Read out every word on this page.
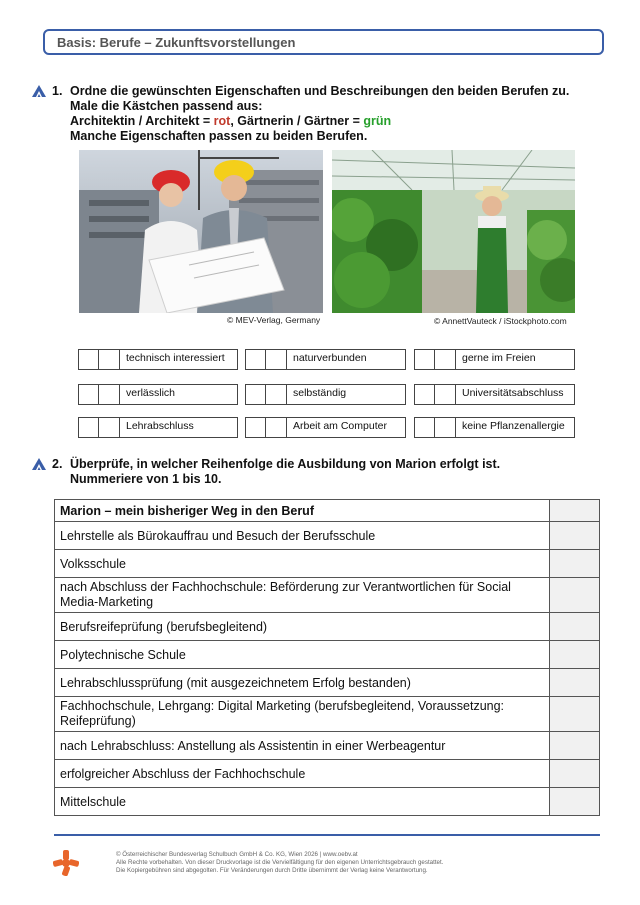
Basis: Berufe – Zukunftsvorstellungen
1. Ordne die gewünschten Eigenschaften und Beschreibungen den beiden Berufen zu.
Male die Kästchen passend aus:
Architektin / Architekt = rot, Gärtnerin / Gärtner = grün
Manche Eigenschaften passen zu beiden Berufen.
© MEV-Verlag, Germany	© AnnettVauteck / iStockphoto.com
technisch interessiert	naturverbunden	gerne im Freien
verlässlich	selbständig	Universitätsabschluss
Lehrabschluss	Arbeit am Computer	keine Pflanzenallergie
2. Überprüfe, in welcher Reihenfolge die Ausbildung von Marion erfolgt ist.
Nummeriere von 1 bis 10.
Marion – mein bisheriger Weg in den Beruf	
Lehrstelle als Bürokauffrau und Besuch der Berufsschule	
Volksschule	
nach Abschluss der Fachhochschule: Beförderung zur Verantwortlichen für Social Media-Marketing	
Berufsreifeprüfung (berufsbegleitend)	
Polytechnische Schule	
Lehrabschlussprüfung (mit ausgezeichnetem Erfolg bestanden)	
Fachhochschule, Lehrgang: Digital Marketing (berufsbegleitend, Voraussetzung: Reifeprüfung)	
nach Lehrabschluss: Anstellung als Assistentin in einer Werbeagentur	
erfolgreicher Abschluss der Fachhochschule	
Mittelschule	
© Österreichischer Bundesverlag Schulbuch GmbH & Co. KG, Wien 2026 | www.oebv.at
Alle Rechte vorbehalten. Von dieser Druckvorlage ist die Vervielfältigung für den eigenen Unterrichtsgebrauch gestattet.
Die Kopiergebühren sind abgegolten. Für Veränderungen durch Dritte übernimmt der Verlag keine Verantwortung.
